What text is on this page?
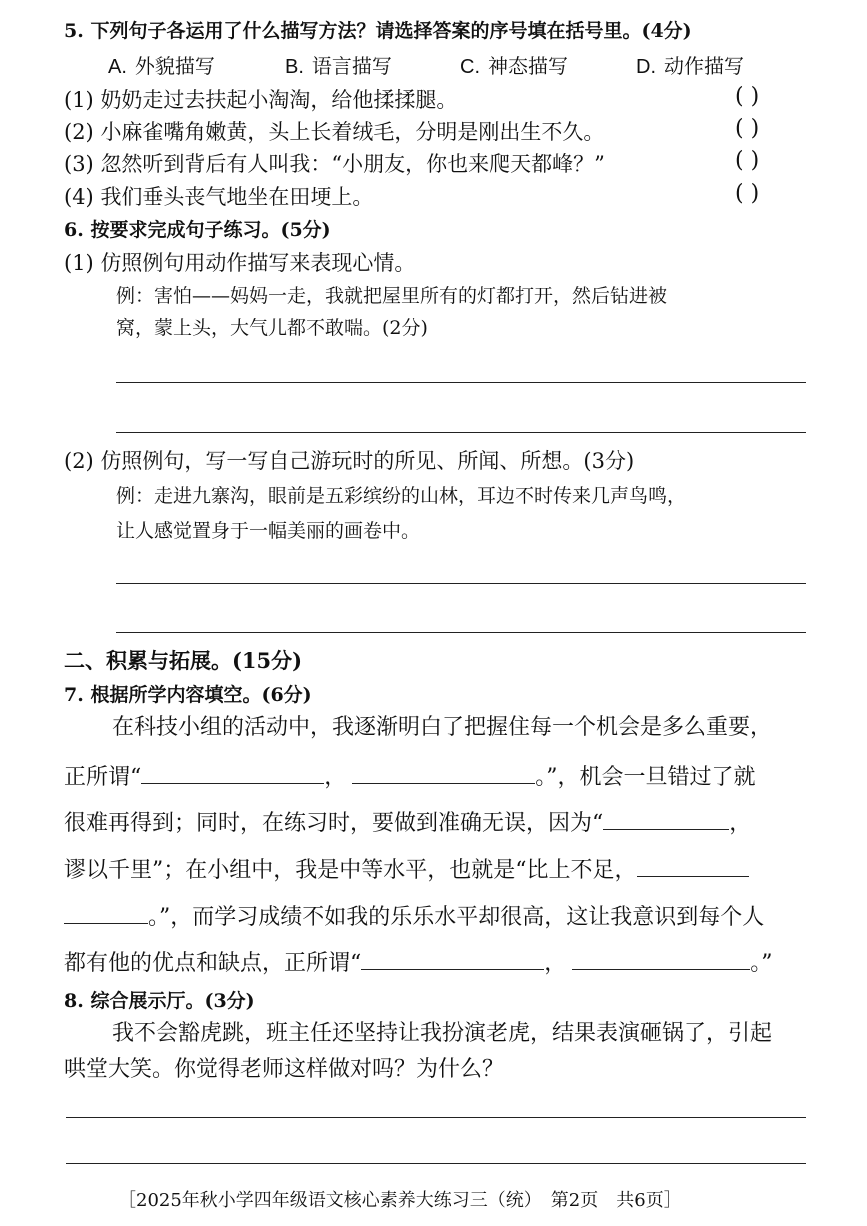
5. 下列句子各运用了什么描写方法？请选择答案的序号填在括号里。(4分)
A. 外貌描写	B. 语言描写	C. 神态描写	D. 动作描写
(1) 奶奶走过去扶起小淘淘，给他揉揉腿。	( )
(2) 小麻雀嘴角嫩黄，头上长着绒毛，分明是刚出生不久。	( )
(3) 忽然听到背后有人叫我：“小朋友，你也来爬天都峰？”	( )
(4) 我们垂头丧气地坐在田埂上。	( )
6. 按要求完成句子练习。(5分)
(1) 仿照例句用动作描写来表现心情。
例：害怕——妈妈一走，我就把屋里所有的灯都打开，然后钻进被
窝，蒙上头，大气儿都不敢喘。(2分)
(2) 仿照例句，写一写自己游玩时的所见、所闻、所想。(3分)
例：走进九寨沟，眼前是五彩缤纷的山林，耳边不时传来几声鸟鸣，
让人感觉置身于一幅美丽的画卷中。
二、积累与拓展。(15分)
7. 根据所学内容填空。(6分)
在科技小组的活动中，我逐渐明白了把握住每一个机会是多么重要，
正所谓“	，	。”，机会一旦错过了就
很难再得到；同时，在练习时，要做到准确无误，因为“	，
谬以千里”；在小组中，我是中等水平，也就是“比上不足，
。”，而学习成绩不如我的乐乐水平却很高，这让我意识到每个人
都有他的优点和缺点，正所谓“	，	。”
8. 综合展示厅。(3分)
我不会豁虎跳，班主任还坚持让我扮演老虎，结果表演砸锅了，引起
哄堂大笑。你觉得老师这样做对吗？为什么？
［2025年秋小学四年级语文核心素养大练习三（统）　第2页　共6页］
